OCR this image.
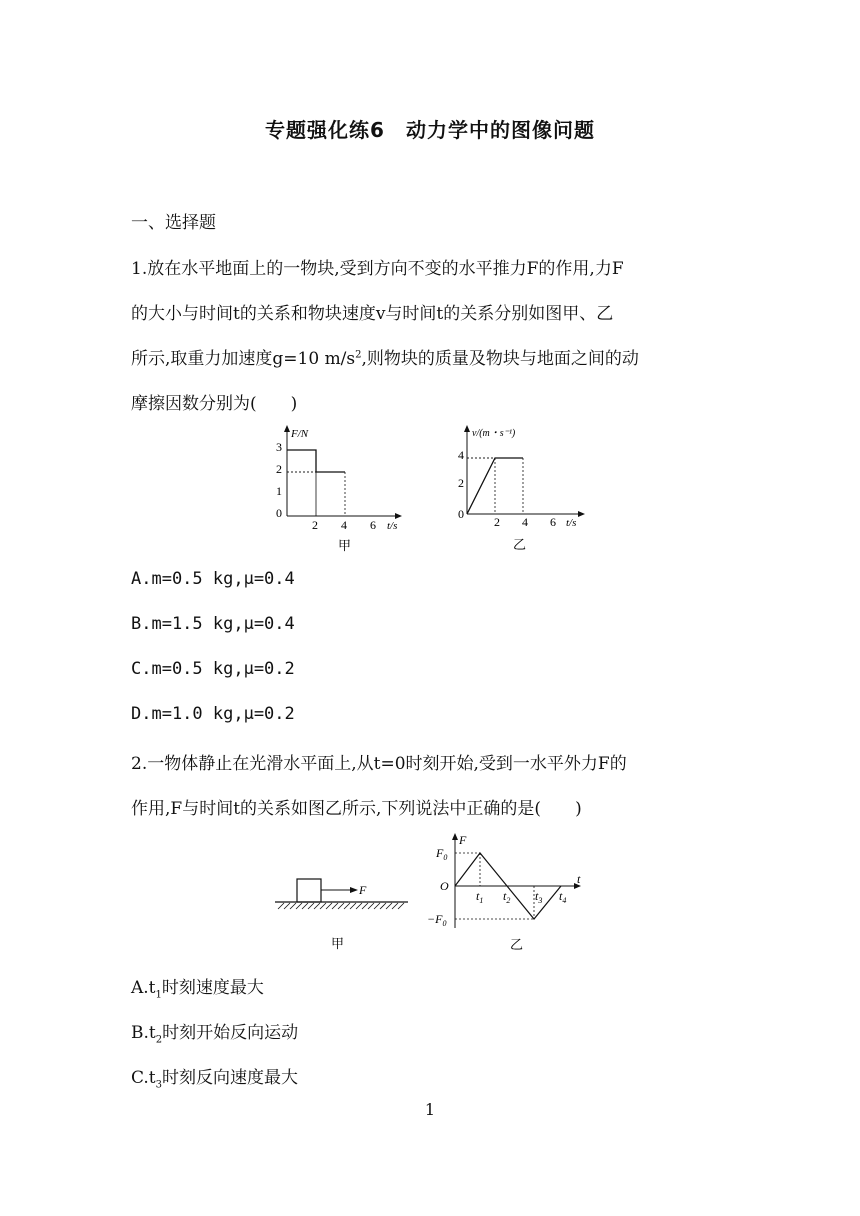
专题强化练6　动力学中的图像问题
一、选择题
1.放在水平地面上的一物块,受到方向不变的水平推力F的作用,力F
的大小与时间t的关系和物块速度v与时间t的关系分别如图甲、乙
所示,取重力加速度g=10 $m/s^2$,则物块的质量及物块与地面之间的动
摩擦因数分别为(　　)
F/N
t/s
3
2
1
0
2 4 6
甲
v/(m・s⁻¹)
t/s
4
2
0
2 4 6
乙
A.m=0.5 kg,μ=0.4
B.m=1.5 kg,μ=0.4
C.m=0.5 kg,μ=0.2
D.m=1.0 kg,μ=0.2
2.一物体静止在光滑水平面上,从t=0时刻开始,受到一水平外力F的
作用,F与时间t的关系如图乙所示,下列说法中正确的是(　　)
F
甲
F
t
O
$F_0$
$-F_0$
$t_1$ $t_2$ $t_3$ $t_4$
乙
$A.t_1$时刻速度最大
$B.t_2$时刻开始反向运动
$C.t_3$时刻反向速度最大
1
